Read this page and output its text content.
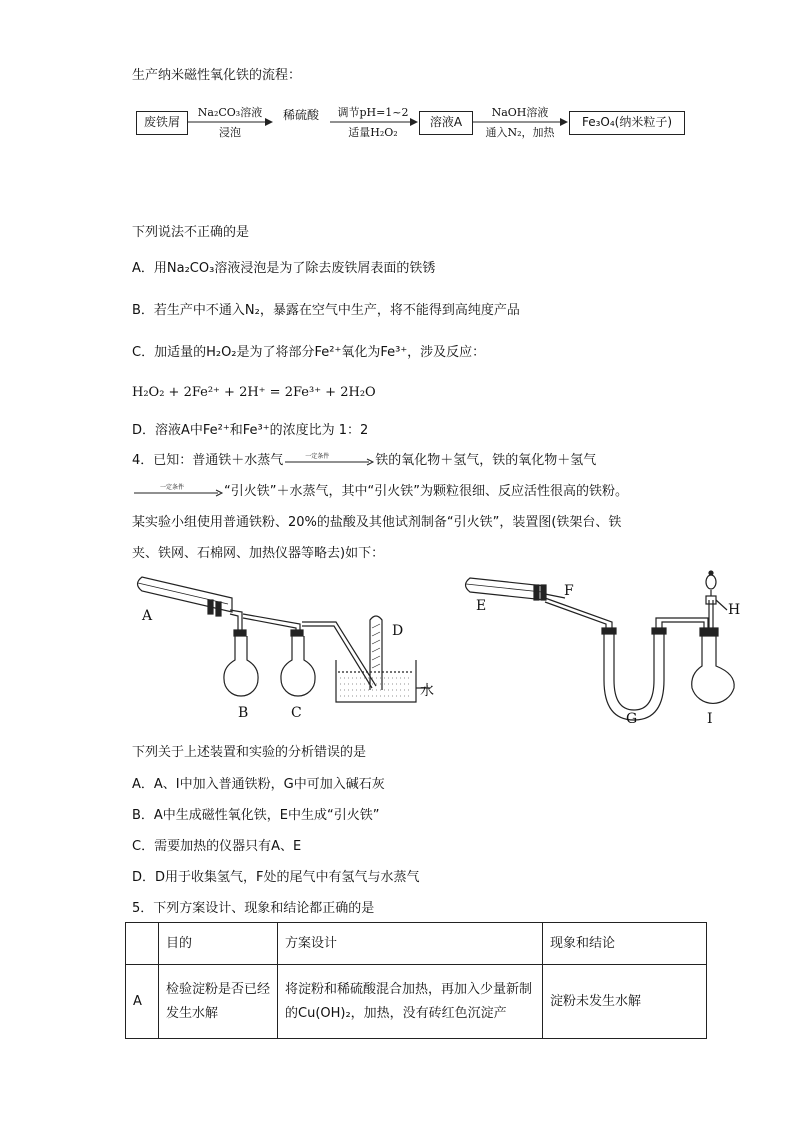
生产纳米磁性氧化铁的流程：
废铁屑
Na₂CO₃溶液
浸泡
稀硫酸	调节pH=1~2
适量H₂O₂
溶液A
NaOH溶液
通入N₂，加热
Fe₃O₄(纳米粒子)
下列说法不正确的是
A．用Na₂CO₃溶液浸泡是为了除去废铁屑表面的铁锈
B．若生产中不通入N₂，暴露在空气中生产，将不能得到高纯度产品
C．加适量的H₂O₂是为了将部分Fe²⁺氧化为Fe³⁺，涉及反应：
H₂O₂ + 2Fe²⁺ + 2H⁺ = 2Fe³⁺ + 2H₂O
D．溶液A中Fe²⁺和Fe³⁺的浓度比为 1：2
4．已知：普通铁＋水蒸气	一定条件	铁的氧化物＋氢气，铁的氧化物＋氢气
一定条件	“引火铁”＋水蒸气，其中“引火铁”为颗粒很细、反应活性很高的铁粉。
某实验小组使用普通铁粉、20%的盐酸及其他试剂制备“引火铁”，装置图(铁架台、铁
夹、铁网、石棉网、加热仪器等略去)如下：
A
B	C
D
水
E
F
G
H
I
下列关于上述装置和实验的分析错误的是
A．A、I中加入普通铁粉，G中可加入碱石灰
B．A中生成磁性氧化铁，E中生成“引火铁”
C．需要加热的仪器只有A、E
D．D用于收集氢气，F处的尾气中有氢气与水蒸气
5．下列方案设计、现象和结论都正确的是
	目的	方案设计	现象和结论
A	检验淀粉是否已经发生水解	将淀粉和稀硫酸混合加热，再加入少量新制的Cu(OH)₂，加热，没有砖红色沉淀产	淀粉未发生水解
